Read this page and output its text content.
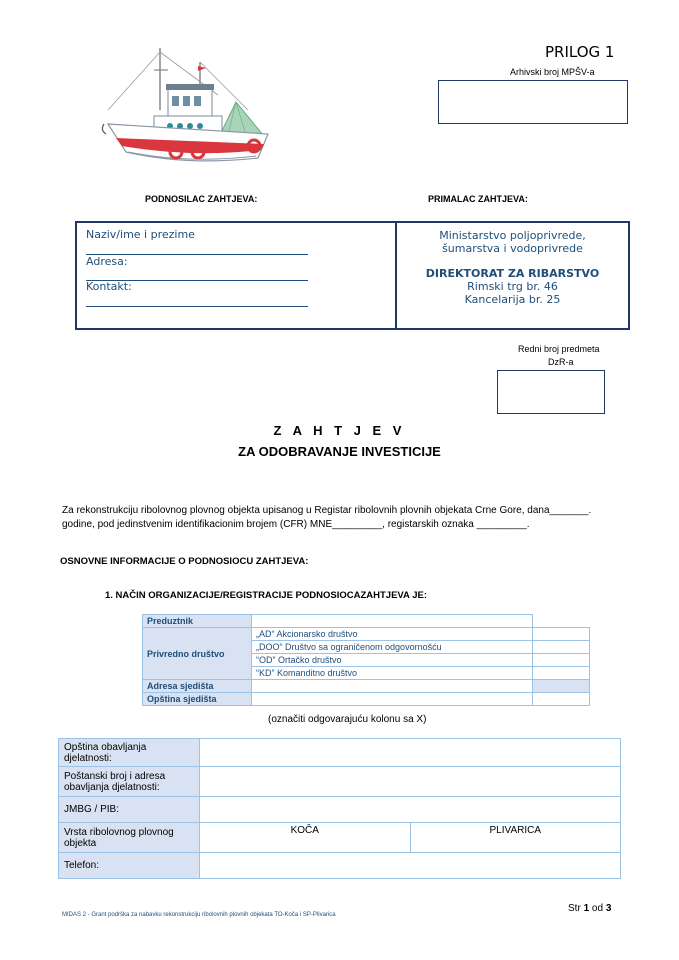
PRILOG 1
Arhivski broj MPŠV-a
PODNOSILAC ZAHTJEVA:	PRIMALAC ZAHTJEVA:
Naziv/ime i prezime
Adresa:
Kontakt:
Ministarstvo poljoprivrede,
šumarstva i vodoprivrede
DIREKTORAT ZA RIBARSTVO
Rimski trg br. 46
Kancelarija br. 25
Redni broj predmeta
DzR-a
Z A H T J E V
ZA ODOBRAVANJE INVESTICIJE
Za rekonstrukciju ribolovnog plovnog objekta upisanog u Registar ribolovnih plovnih objekata Crne Gore, dana_______. godine, pod jedinstvenim identifikacionim brojem (CFR) MNE_________, registarskih oznaka _________.
OSNOVNE INFORMACIJE O PODNOSIOCU ZAHTJEVA:
1. NAČIN ORGANIZACIJE/REGISTRACIJE PODNOSIOCAZAHTJEVA JE:
Preduztnik		
Privredno društvo	„AD“ Akcionarsko društvo	
	„DOO“ Društvo sa ograničenom odgovornošću	
	“OD” Ortačko društvo	
	“KD” Komanditno društvo	
Adresa sjedišta		
Opština sjedišta		
(označiti odgovarajuću kolonu sa X)
Opština obavljanja djelatnosti:		
Poštanski broj i adresa obavljanja djelatnosti:		
JMBG / PIB:		
Vrsta ribolovnog plovnog objekta	KOČA	PLIVARICA
Telefon:		
Str 1 od 3
MIDAS 2 - Grant podrška za nabavku rekonstrukciju ribolovnih plovnih objekata TO-Koča i SP-Plivarica
